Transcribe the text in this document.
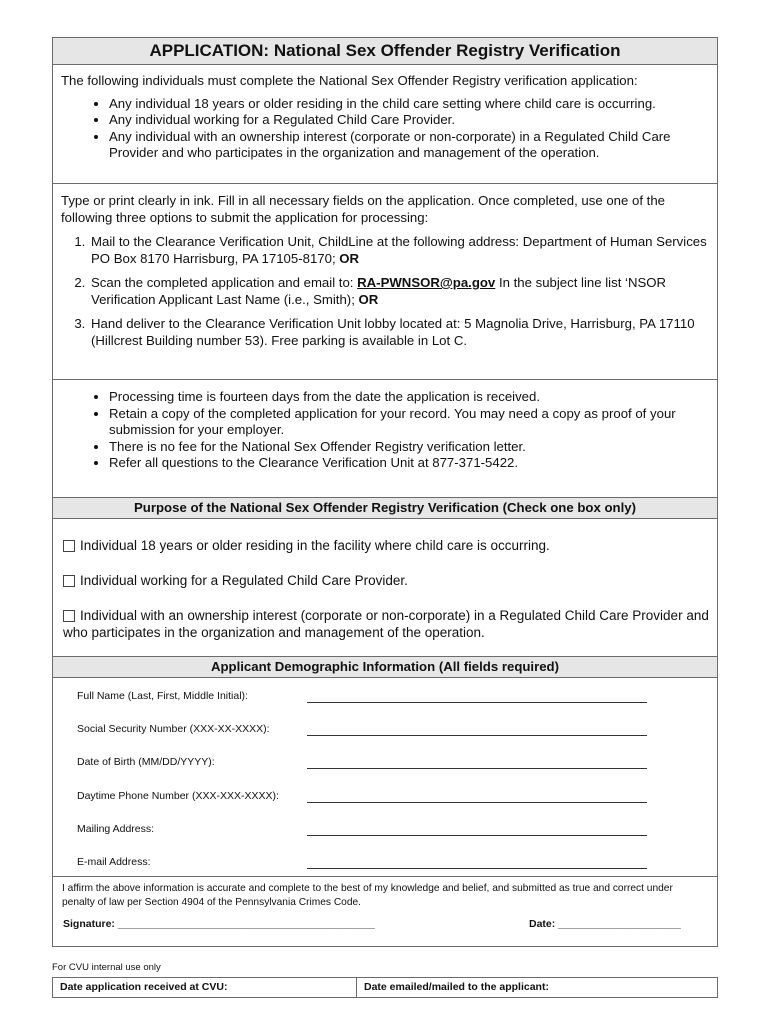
APPLICATION: National Sex Offender Registry Verification

The following individuals must complete the National Sex Offender Registry verification application:

• Any individual 18 years or older residing in the child care setting where child care is occurring.
• Any individual working for a Regulated Child Care Provider.
• Any individual with an ownership interest (corporate or non-corporate) in a Regulated Child Care Provider and who participates in the organization and management of the operation.

Type or print clearly in ink. Fill in all necessary fields on the application. Once completed, use one of the following three options to submit the application for processing:

1. Mail to the Clearance Verification Unit, ChildLine at the following address: Department of Human Services PO Box 8170 Harrisburg, PA 17105-8170; OR
2. Scan the completed application and email to: RA-PWNSOR@pa.gov In the subject line list ‘NSOR Verification Applicant Last Name (i.e., Smith); OR
3. Hand deliver to the Clearance Verification Unit lobby located at: 5 Magnolia Drive, Harrisburg, PA 17110 (Hillcrest Building number 53). Free parking is available in Lot C.
• Processing time is fourteen days from the date the application is received.
• Retain a copy of the completed application for your record. You may need a copy as proof of your submission for your employer.
• There is no fee for the National Sex Offender Registry verification letter.
• Refer all questions to the Clearance Verification Unit at 877-371-5422.
Purpose of the National Sex Offender Registry Verification (Check one box only)
Individual 18 years or older residing in the facility where child care is occurring.
Individual working for a Regulated Child Care Provider.
Individual with an ownership interest (corporate or non-corporate) in a Regulated Child Care Provider and who participates in the organization and management of the operation.
Applicant Demographic Information (All fields required)
Full Name (Last, First, Middle Initial):
Social Security Number (XXX-XX-XXXX):
Date of Birth (MM/DD/YYYY):
Daytime Phone Number (XXX-XXX-XXXX):
Mailing Address:
E-mail Address:
I affirm the above information is accurate and complete to the best of my knowledge and belief, and submitted as true and correct under penalty of law per Section 4904 of the Pennsylvania Crimes Code.
Signature: ____________________________________________	Date: _____________________
For CVU internal use only
Date application received at CVU:	Date emailed/mailed to the applicant:
